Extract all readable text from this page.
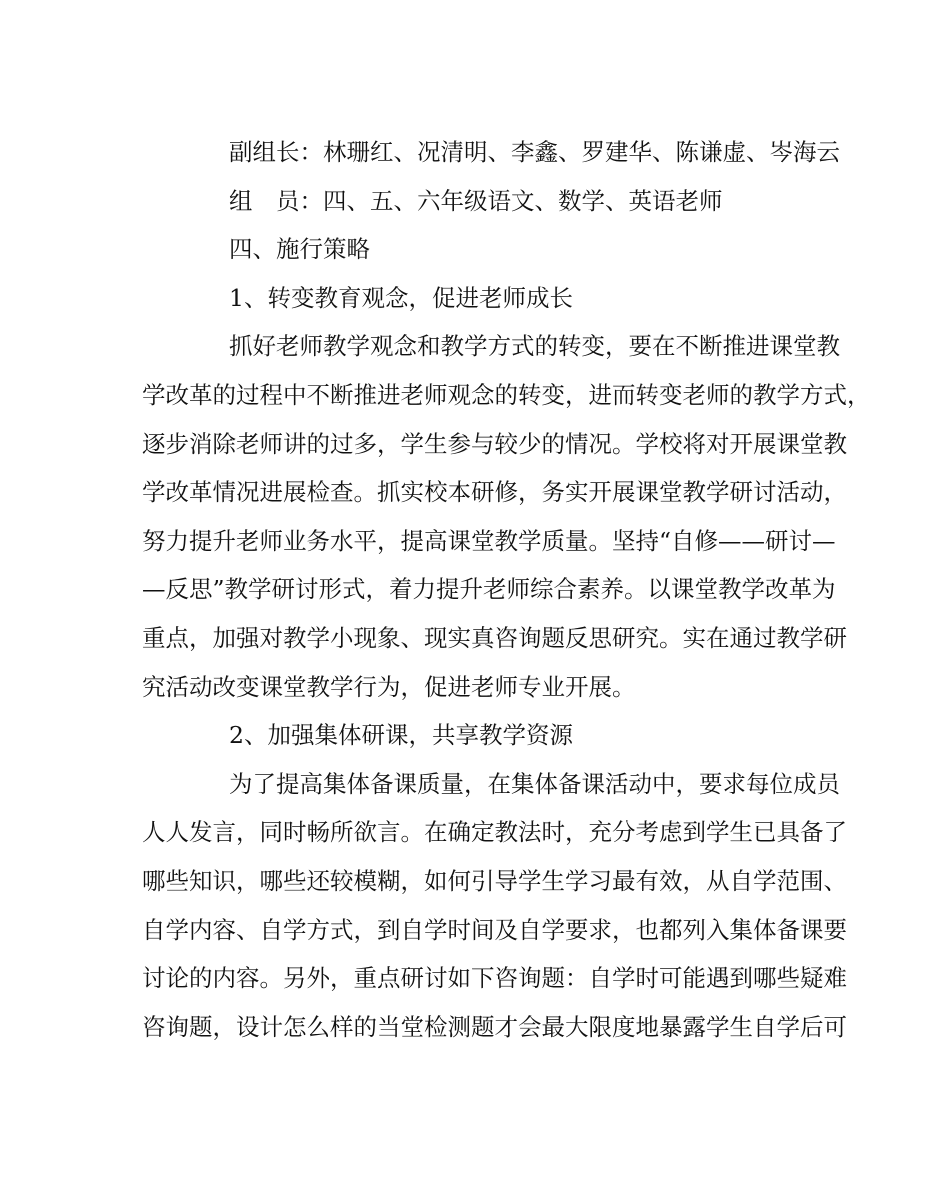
副组长：林珊红、况清明、李鑫、罗建华、陈谦虚、岑海云
组　员：四、五、六年级语文、数学、英语老师
四、施行策略
1、转变教育观念，促进老师成长
抓好老师教学观念和教学方式的转变，要在不断推进课堂教
学改革的过程中不断推进老师观念的转变，进而转变老师的教学方式，
逐步消除老师讲的过多，学生参与较少的情况。学校将对开展课堂教
学改革情况进展检查。抓实校本研修，务实开展课堂教学研讨活动，
努力提升老师业务水平，提高课堂教学质量。坚持“自修——研讨—
—反思”教学研讨形式，着力提升老师综合素养。以课堂教学改革为
重点，加强对教学小现象、现实真咨询题反思研究。实在通过教学研
究活动改变课堂教学行为，促进老师专业开展。
2、加强集体研课，共享教学资源
为了提高集体备课质量，在集体备课活动中，要求每位成员
人人发言，同时畅所欲言。在确定教法时，充分考虑到学生已具备了
哪些知识，哪些还较模糊，如何引导学生学习最有效，从自学范围、
自学内容、自学方式，到自学时间及自学要求，也都列入集体备课要
讨论的内容。另外，重点研讨如下咨询题：自学时可能遇到哪些疑难
咨询题，设计怎么样的当堂检测题才会最大限度地暴露学生自学后可
